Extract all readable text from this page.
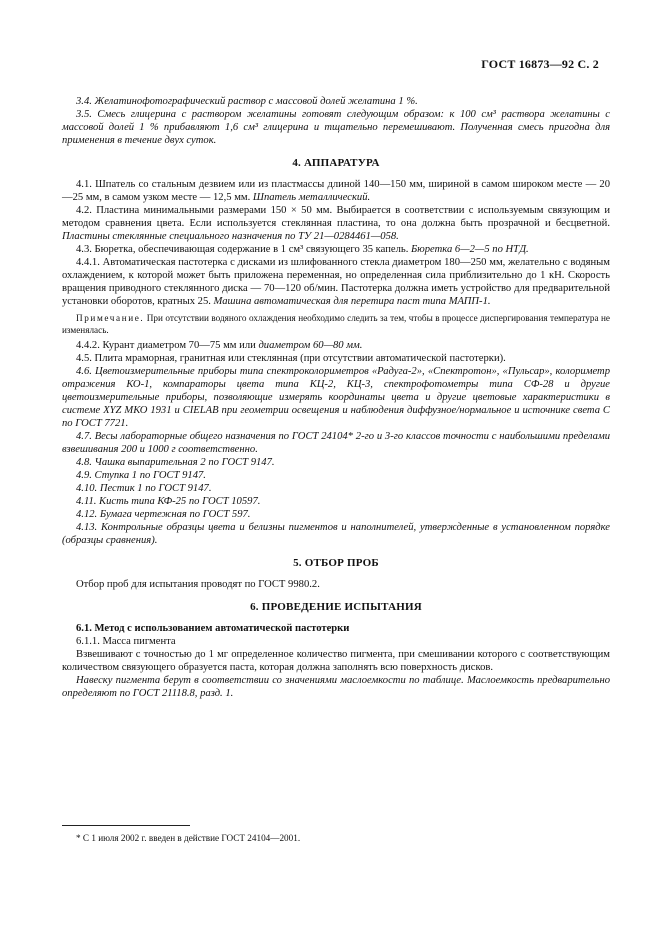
ГОСТ 16873—92 С. 2

3.4. Желатинофотографический раствор с массовой долей желатина 1 %.

3.5. Смесь глицерина с раствором желатины готовят следующим образом: к 100 см³ раствора желатины с массовой долей 1 % прибавляют 1,6 см³ глицерина и тщательно перемешивают. Полученная смесь пригодна для применения в течение двух суток.

4. АППАРАТУРА

4.1. Шпатель со стальным дезвием или из пластмассы длиной 140—150 мм, шириной в самом широком месте — 20—25 мм, в самом узком месте — 12,5 мм. Шпатель металлический.

4.2. Пластина минимальными размерами 150 × 50 мм. Выбирается в соответствии с используемым связующим и методом сравнения цвета. Если используется стеклянная пластина, то она должна быть прозрачной и бесцветной. Пластины стеклянные специального назначения по ТУ 21—0284461—058.

4.3. Бюретка, обеспечивающая содержание в 1 см³ связующего 35 капель. Бюретка 6—2—5 по НТД.

4.4.1. Автоматическая пастотерка с дисками из шлифованного стекла диаметром 180—250 мм, желательно с водяным охлаждением, к которой может быть приложена переменная, но определенная сила приблизительно до 1 кН. Скорость вращения приводного стеклянного диска — 70—120 об/мин. Пастотерка должна иметь устройство для предварительной установки оборотов, кратных 25. Машина автоматическая для перетира паст типа МАПП-1.

Примечание. При отсутствии водяного охлаждения необходимо следить за тем, чтобы в процессе диспергирования температура не изменялась.

4.4.2. Курант диаметром 70—75 мм или диаметром 60—80 мм.

4.5. Плита мраморная, гранитная или стеклянная (при отсутствии автоматической пастотерки).

4.6. Цветоизмерительные приборы типа спектроколориметров «Радуга-2», «Спектротон», «Пульсар», колориметр отражения КО-1, компараторы цвета типа КЦ-2, КЦ-3, спектрофотометры типа СФ-28 и другие цветоизмерительные приборы, позволяющие измерять координаты цвета и другие цветовые характеристики в системе XYZ МКО 1931 и CIELAB при геометрии освещения и наблюдения диффузное/нормальное и источнике света С по ГОСТ 7721.

4.7. Весы лабораторные общего назначения по ГОСТ 24104* 2-го и 3-го классов точности с наибольшими пределами взвешивания 200 и 1000 г соответственно.

4.8. Чашка выпарительная 2 по ГОСТ 9147.

4.9. Ступка 1 по ГОСТ 9147.

4.10. Пестик 1 по ГОСТ 9147.

4.11. Кисть типа КФ-25 по ГОСТ 10597.

4.12. Бумага чертежная по ГОСТ 597.

4.13. Контрольные образцы цвета и белизны пигментов и наполнителей, утвержденные в установленном порядке (образцы сравнения).

5. ОТБОР ПРОБ

Отбор проб для испытания проводят по ГОСТ 9980.2.

6. ПРОВЕДЕНИЕ ИСПЫТАНИЯ

6.1. Метод с использованием автоматической пастотерки

6.1.1. Масса пигмента

Взвешивают с точностью до 1 мг определенное количество пигмента, при смешивании которого с соответствующим количеством связующего образуется паста, которая должна заполнять всю поверхность дисков.

Навеску пигмента берут в соответствии со значениями маслоемкости по таблице. Маслоемкость предварительно определяют по ГОСТ 21118.8, разд. 1.

* С 1 июля 2002 г. введен в действие ГОСТ 24104—2001.
